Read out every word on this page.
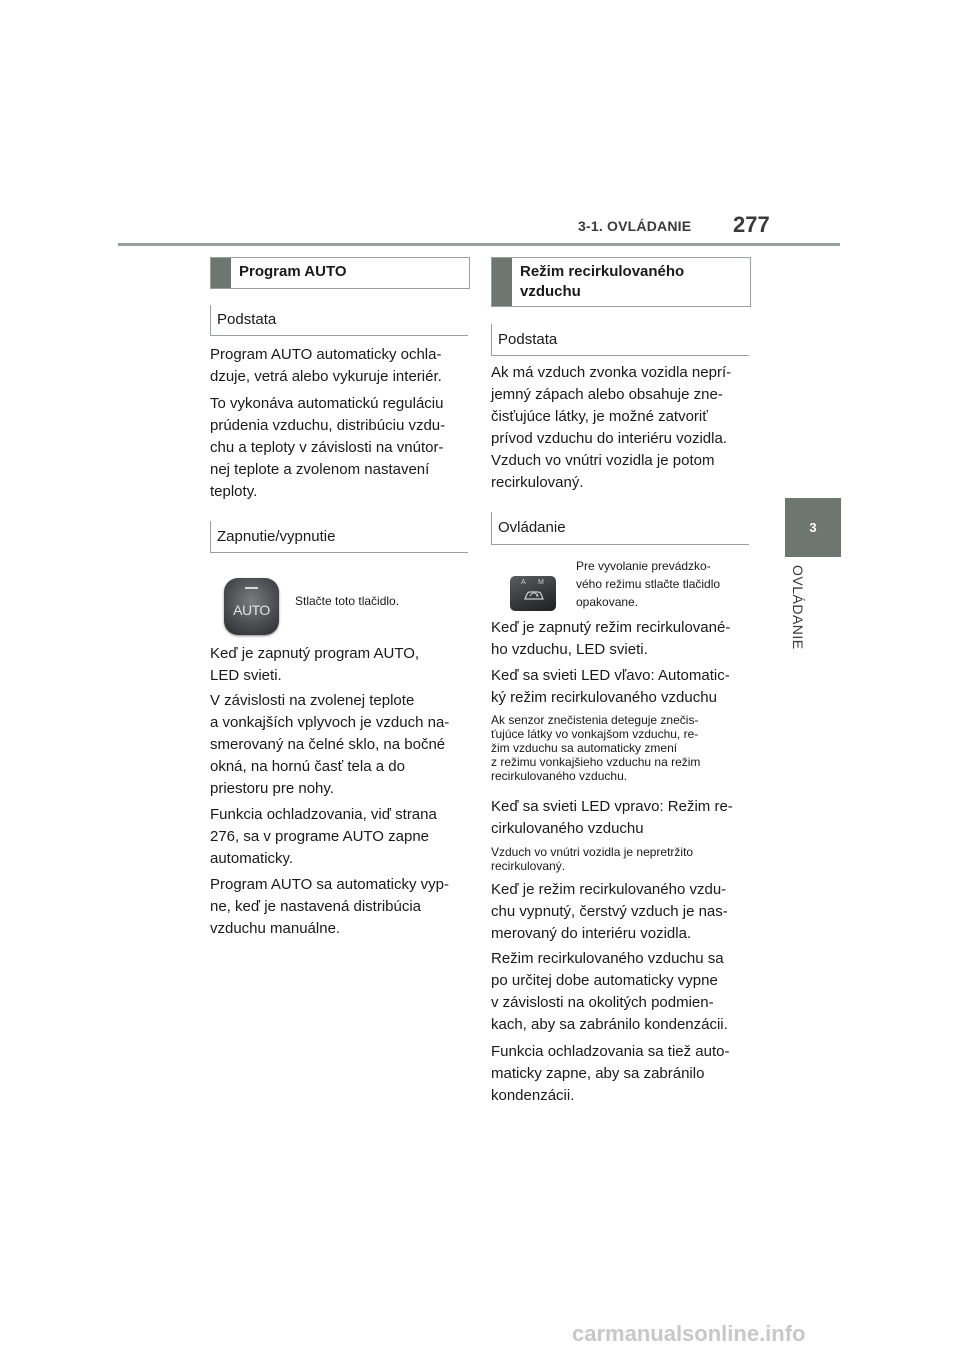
3-1. OVLÁDANIE 277
3
OVLÁDANIE
Program AUTO
Podstata

Program AUTO automaticky ochla-
dzuje, vetrá alebo vykuruje interiér.

To vykonáva automatickú reguláciu
prúdenia vzduchu, distribúciu vzdu-
chu a teploty v závislosti na vnútor-
nej teplote a zvolenom nastavení
teploty.

Zapnutie/vypnutie
AUTO
Stlačte toto tlačidlo.

Keď je zapnutý program AUTO,
LED svieti.

V závislosti na zvolenej teplote
a vonkajších vplyvoch je vzduch na-
smerovaný na čelné sklo, na bočné
okná, na hornú časť tela a do
priestoru pre nohy.

Funkcia ochladzovania, viď strana
276, sa v programe AUTO zapne
automaticky.

Program AUTO sa automaticky vyp-
ne, keď je nastavená distribúcia
vzduchu manuálne.

Režim recirkulovaného
vzduchu
Podstata

Ak má vzduch zvonka vozidla neprí-
jemný zápach alebo obsahuje zne-
čisťujúce látky, je možné zatvoriť
prívod vzduchu do interiéru vozidla.
Vzduch vo vnútri vozidla je potom
recirkulovaný.

Ovládanie
A M
Pre vyvolanie prevádzko-
vého režimu stlačte tlačidlo
opakovane.

Keď je zapnutý režim recirkulované-
ho vzduchu, LED svieti.

Keď sa svieti LED vľavo: Automatic-
ký režim recirkulovaného vzduchu

Ak senzor znečistenia deteguje znečis-
ťujúce látky vo vonkajšom vzduchu, re-
žim vzduchu sa automaticky zmení
z režimu vonkajšieho vzduchu na režim
recirkulovaného vzduchu.

Keď sa svieti LED vpravo: Režim re-
cirkulovaného vzduchu

Vzduch vo vnútri vozidla je nepretržito
recirkulovaný.

Keď je režim recirkulovaného vzdu-
chu vypnutý, čerstvý vzduch je nas-
merovaný do interiéru vozidla.

Režim recirkulovaného vzduchu sa
po určitej dobe automaticky vypne
v závislosti na okolitých podmien-
kach, aby sa zabránilo kondenzácii.

Funkcia ochladzovania sa tiež auto-
maticky zapne, aby sa zabránilo
kondenzácii.

carmanualsonline.info
